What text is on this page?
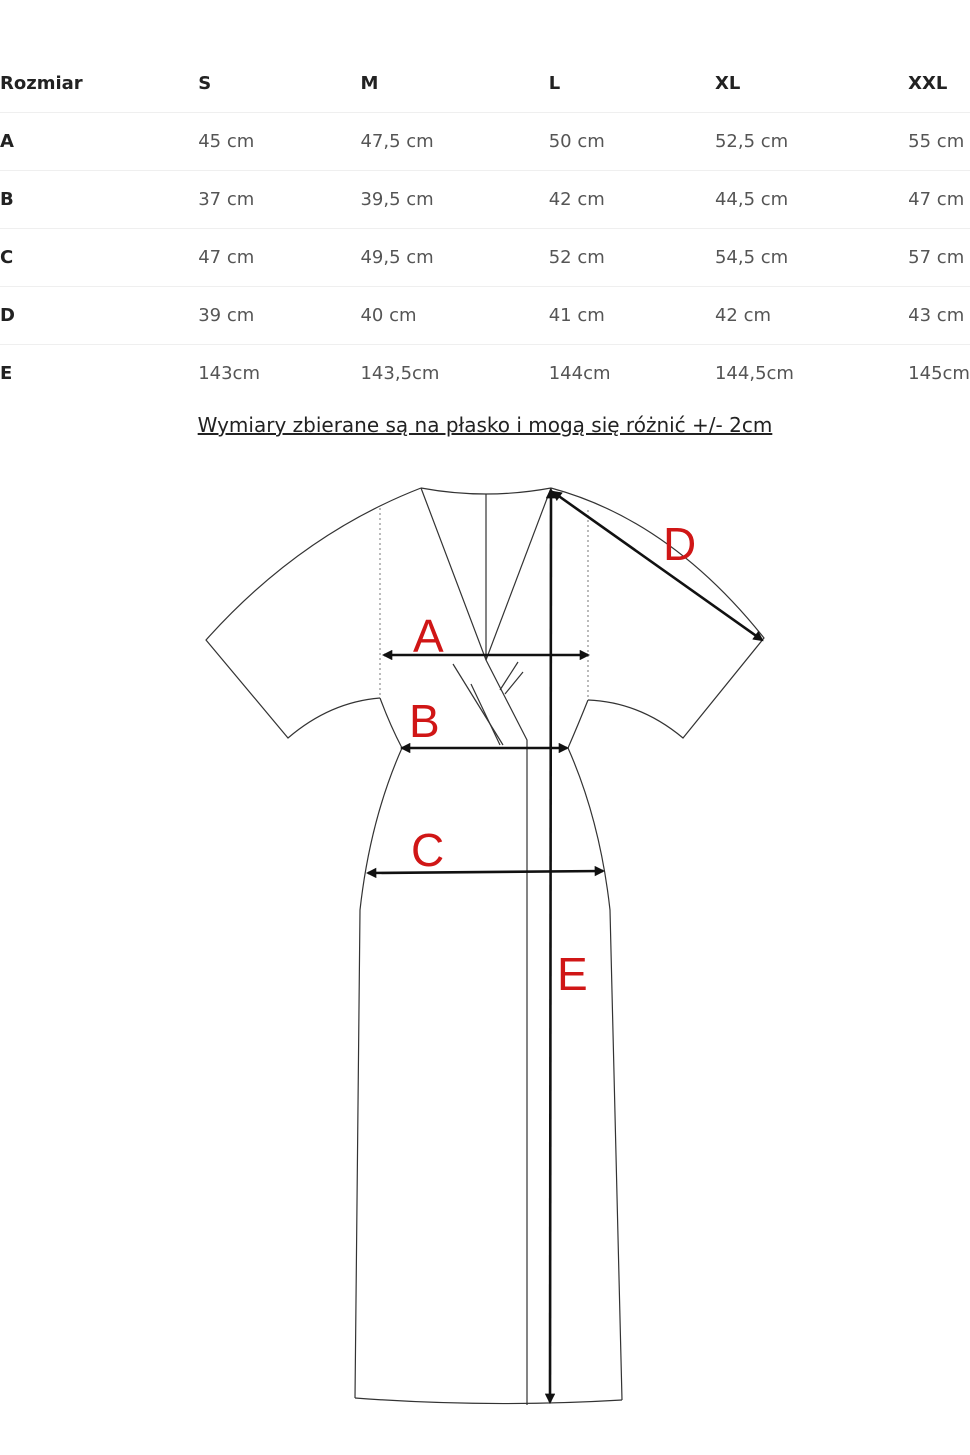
Rozmiar	S	M	L	XL	XXL
A	45 cm	47,5 cm	50 cm	52,5 cm	55 cm
B	37 cm	39,5 cm	42 cm	44,5 cm	47 cm
C	47 cm	49,5 cm	52 cm	54,5 cm	57 cm
D	39 cm	40 cm	41 cm	42 cm	43 cm
E	143cm	143,5cm	144cm	144,5cm	145cm
Wymiary zbierane są na płasko i mogą się różnić +/- 2cm
A
B
C
D
E
